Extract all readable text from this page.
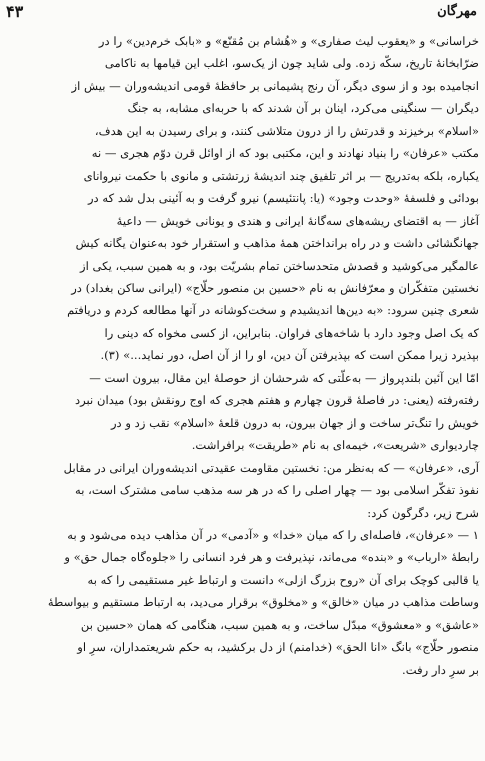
۴۳	مهرگان

خراسانی» و «یعقوب لیث صفاری» و «هُشام بن مُقنّع» و «بابک خرم‌دین» را در

ضرّابخانهٔ تاریخ، سکّه زده. ولی شاید چون از یک‌سو، اغلب این قیامها به ناکامی

انجامیده بود و از سوی دیگر، آن رنج پشیمانی بر حافظهٔ قومی اندیشه‌وران — بیش از

دیگران — سنگینی می‌کرد، اینان بر آن شدند که با حربه‌ای مشابه، به جنگ

«اسلام» برخیزند و قدرتش را از درون متلاشی کنند، و برای رسیدن به این هدف،

مکتب «عرفان» را بنیاد نهادند و این، مکتبی بود که از اوائل قرن دوّم هجری — نه

یکباره، بلکه به‌تدریج — بر اثر تلفیق چند اندیشهٔ زرتشتی و مانوی با حکمت نیروانای

بودائی و فلسفهٔ «وحدت وجود» (یا: پانتئیسم) نیرو گرفت و به آئینی بدل شد که در

آغاز — به اقتضای ریشه‌های سه‌گانهٔ ایرانی و هندی و یونانی خویش — داعیهٔ

جهانگشائی داشت و در راه برانداختن همهٔ مذاهب و استقرار خود به‌عنوان یگانه کیش

عالمگیر می‌کوشید و قصدش متحدساختن تمام بشریّت بود، و به همین سبب، یکی از

نخستین متفکّران و معرّفانش به نام «حسین بن منصور حلّاج» (ایرانی ساکن بغداد) در

شعری چنین سرود: «به دین‌ها اندیشیدم و سخت‌کوشانه در آنها مطالعه کردم و دریافتم

که یک اصل وجود دارد با شاخه‌های فراوان. بنابراین، از کسی مخواه که دینی را

بپذیرد زیرا ممکن است که بپذیرفتن آن دین، او را از آن اصل، دور نماید...» (۳).

امّا این آئین بلندپرواز — به‌علّتی که شرحشان از حوصلهٔ این مقال، بیرون است —

رفته‌رفته (یعنی: در فاصلهٔ قرون چهارم و هفتم هجری که اوج رونقش بود) میدان نبرد

خویش را تنگ‌تر ساخت و از جهان بیرون، به درون قلعهٔ «اسلام» نقب زد و در

چاردیواری «شریعت»، خیمه‌ای به نام «طریقت» برافراشت.

آری، «عرفان» — که به‌نظر من: نخستین مقاومت عقیدتی اندیشه‌وران ایرانی در مقابل

نفوذ تفکّر اسلامی بود — چهار اصلی را که در هر سه مذهب سامی مشترک است، به

شرح زیر، دگرگون کرد:

۱ — «عرفان»، فاصله‌ای را که میان «خدا» و «آدمی» در آن مذاهب دیده می‌شود و به

رابطهٔ «ارباب» و «بنده» می‌ماند، نپذیرفت و هر فرد انسانی را «جلوه‌گاه جمال حق» و

یا قالبی کوچک برای آن «روح بزرگ ازلی» دانست و ارتباط غیر مستقیمی را که به

وساطت مذاهب در میان «خالق» و «مخلوق» برقرار می‌دید، به ارتباط مستقیم و بیواسطهٔ

«عاشق» و «معشوق» مبدّل ساخت، و به همین سبب، هنگامی که همان «حسین بن

منصور حلّاج» بانگ «انا الحق» (خدامنم) از دل برکشید، به حکم شریعتمداران، سرِ او

بر سرِ دار رفت.
